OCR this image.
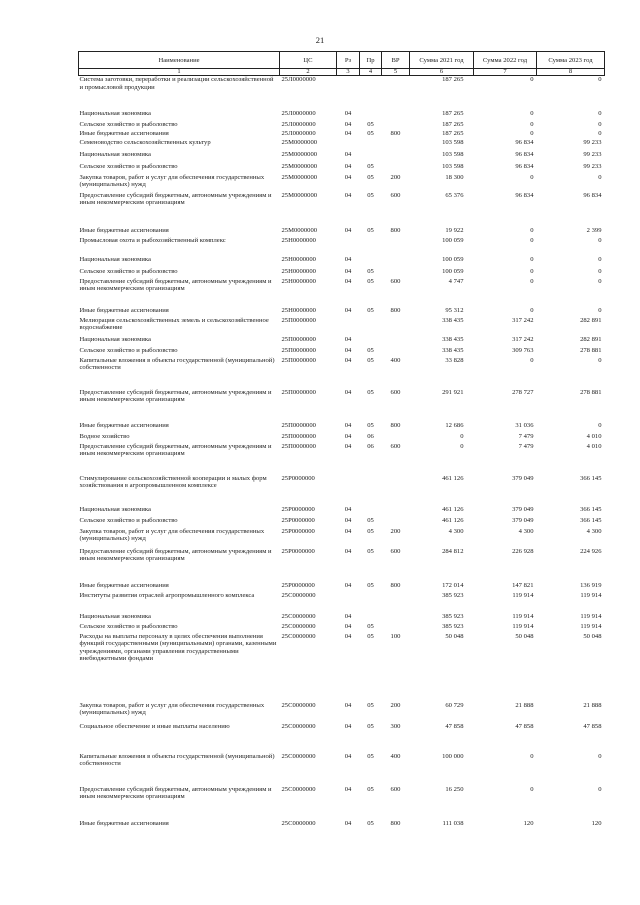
21
Наименование	ЦС	Рз	Пр	ВР	Сумма 2021 год	Сумма 2022 год	Сумма 2023 год
1	2	3	4	5	6	7	8
Система заготовки, переработки и реализации сельскохозяйственной и промысловой продукции	25Л0000000				187 265	0	0
Национальная экономика	25Л0000000	04			187 265	0	0
Сельское хозяйство и рыболовство	25Л0000000	04	05		187 265	0	0
Иные бюджетные ассигнования	25Л0000000	04	05	800	187 265	0	0
Семеноводство сельскохозяйственных культур	25М0000000				103 598	96 834	99 233
Национальная экономика	25М0000000	04			103 598	96 834	99 233
Сельское хозяйство и рыболовство	25М0000000	04	05		103 598	96 834	99 233
Закупка товаров, работ и услуг для обеспечения государственных (муниципальных) нужд	25М0000000	04	05	200	18 300	0	0
Предоставление субсидий бюджетным, автономным учреждениям и иным некоммерческим организациям	25М0000000	04	05	600	65 376	96 834	96 834
Иные бюджетные ассигнования	25М0000000	04	05	800	19 922	0	2 399
Промысловая охота и рыбохозяйственный комплекс	25Н0000000				100 059	0	0
Национальная экономика	25Н0000000	04			100 059	0	0
Сельское хозяйство и рыболовство	25Н0000000	04	05		100 059	0	0
Предоставление субсидий бюджетным, автономным учреждениям и иным некоммерческим организациям	25Н0000000	04	05	600	4 747	0	0
Иные бюджетные ассигнования	25Н0000000	04	05	800	95 312	0	0
Мелиорация сельскохозяйственных земель и сельскохозяйственное водоснабжение	25П0000000				338 435	317 242	282 891
Национальная экономика	25П0000000	04			338 435	317 242	282 891
Сельское хозяйство и рыболовство	25П0000000	04	05		338 435	309 763	278 881
Капитальные вложения в объекты государственной (муниципальной) собственности	25П0000000	04	05	400	33 828	0	0
Предоставление субсидий бюджетным, автономным учреждениям и иным некоммерческим организациям	25П0000000	04	05	600	291 921	278 727	278 881
Иные бюджетные ассигнования	25П0000000	04	05	800	12 686	31 036	0
Водное хозяйство	25П0000000	04	06		0	7 479	4 010
Предоставление субсидий бюджетным, автономным учреждениям и иным некоммерческим организациям	25П0000000	04	06	600	0	7 479	4 010
Стимулирование сельскохозяйственной кооперации и малых форм хозяйствования в агропромышленном комплексе	25Р0000000				461 126	379 049	366 145
Национальная экономика	25Р0000000	04			461 126	379 049	366 145
Сельское хозяйство и рыболовство	25Р0000000	04	05		461 126	379 049	366 145
Закупка товаров, работ и услуг для обеспечения государственных (муниципальных) нужд	25Р0000000	04	05	200	4 300	4 300	4 300
Предоставление субсидий бюджетным, автономным учреждениям и иным некоммерческим организациям	25Р0000000	04	05	600	284 812	226 928	224 926
Иные бюджетные ассигнования	25Р0000000	04	05	800	172 014	147 821	136 919
Институты развития отраслей агропромышленного комплекса	25С0000000				385 923	119 914	119 914
Национальная экономика	25С0000000	04			385 923	119 914	119 914
Сельское хозяйство и рыболовство	25С0000000	04	05		385 923	119 914	119 914
Расходы на выплаты персоналу в целях обеспечения выполнения функций государственными (муниципальными) органами, казенными учреждениями, органами управления государственными внебюджетными фондами	25С0000000	04	05	100	50 048	50 048	50 048
Закупка товаров, работ и услуг для обеспечения государственных (муниципальных) нужд	25С0000000	04	05	200	60 729	21 888	21 888
Социальное обеспечение и иные выплаты населению	25С0000000	04	05	300	47 858	47 858	47 858
Капитальные вложения в объекты государственной (муниципальной) собственности	25С0000000	04	05	400	100 000	0	0
Предоставление субсидий бюджетным, автономным учреждениям и иным некоммерческим организациям	25С0000000	04	05	600	16 250	0	0
Иные бюджетные ассигнования	25С0000000	04	05	800	111 038	120	120
